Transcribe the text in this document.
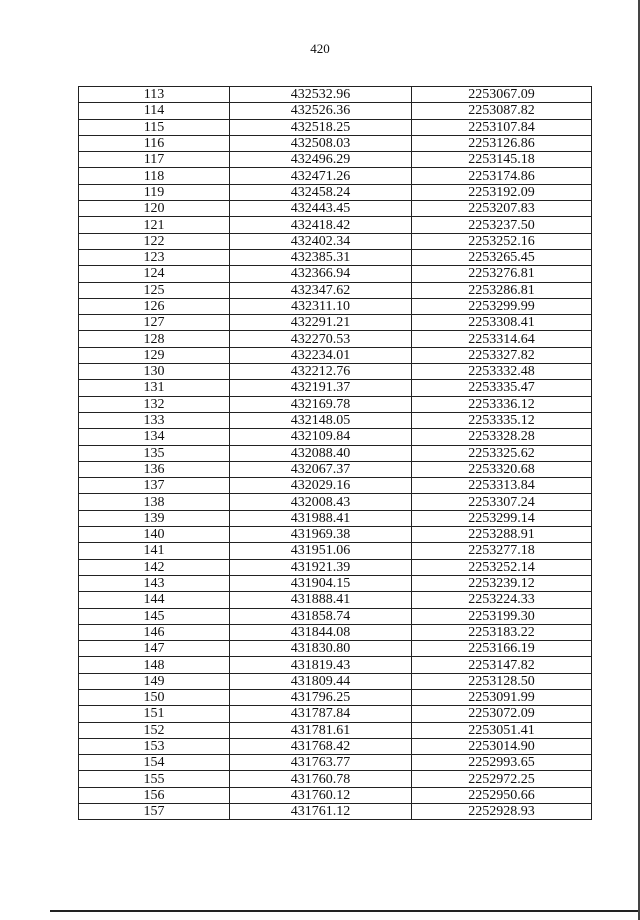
420
113	432532.96	2253067.09
114	432526.36	2253087.82
115	432518.25	2253107.84
116	432508.03	2253126.86
117	432496.29	2253145.18
118	432471.26	2253174.86
119	432458.24	2253192.09
120	432443.45	2253207.83
121	432418.42	2253237.50
122	432402.34	2253252.16
123	432385.31	2253265.45
124	432366.94	2253276.81
125	432347.62	2253286.81
126	432311.10	2253299.99
127	432291.21	2253308.41
128	432270.53	2253314.64
129	432234.01	2253327.82
130	432212.76	2253332.48
131	432191.37	2253335.47
132	432169.78	2253336.12
133	432148.05	2253335.12
134	432109.84	2253328.28
135	432088.40	2253325.62
136	432067.37	2253320.68
137	432029.16	2253313.84
138	432008.43	2253307.24
139	431988.41	2253299.14
140	431969.38	2253288.91
141	431951.06	2253277.18
142	431921.39	2253252.14
143	431904.15	2253239.12
144	431888.41	2253224.33
145	431858.74	2253199.30
146	431844.08	2253183.22
147	431830.80	2253166.19
148	431819.43	2253147.82
149	431809.44	2253128.50
150	431796.25	2253091.99
151	431787.84	2253072.09
152	431781.61	2253051.41
153	431768.42	2253014.90
154	431763.77	2252993.65
155	431760.78	2252972.25
156	431760.12	2252950.66
157	431761.12	2252928.93
